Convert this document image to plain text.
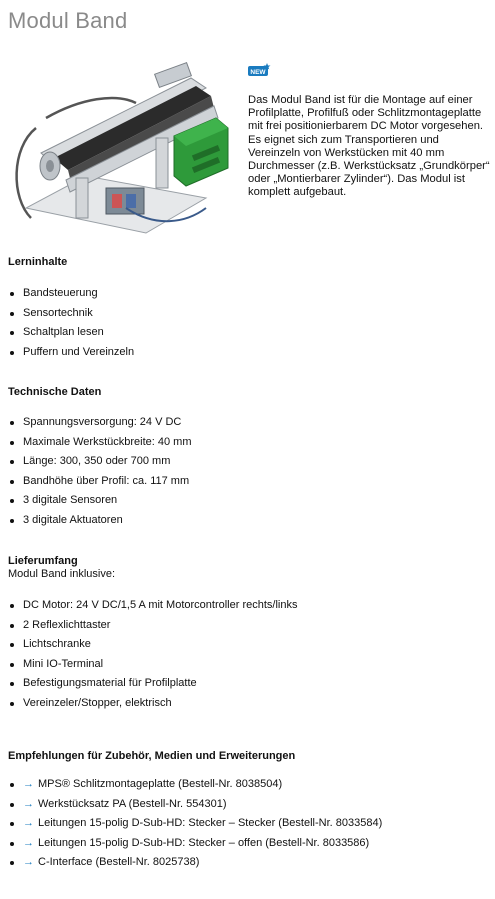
Modul Band
NEW
Das Modul Band ist für die Montage auf einer Profilplatte, Profilfuß oder Schlitzmontageplatte mit frei positionierbarem DC Motor vorgesehen. Es eignet sich zum Transportieren und Vereinzeln von Werkstücken mit 40 mm Durchmesser (z.B. Werkstücksatz „Grundkörper“ oder „Montierbarer Zylinder“). Das Modul ist komplett aufgebaut.
Lerninhalte
Bandsteuerung
Sensortechnik
Schaltplan lesen
Puffern und Vereinzeln
Technische Daten
Spannungsversorgung: 24 V DC
Maximale Werkstückbreite: 40 mm
Länge: 300, 350 oder 700 mm
Bandhöhe über Profil: ca. 117 mm
3 digitale Sensoren
3 digitale Aktuatoren
Lieferumfang
Modul Band inklusive:
DC Motor: 24 V DC/1,5 A mit Motorcontroller rechts/links
2 Reflexlichttaster
Lichtschranke
Mini IO-Terminal
Befestigungsmaterial für Profilplatte
Vereinzeler/Stopper, elektrisch
Empfehlungen für Zubehör, Medien und Erweiterungen
→ MPS® Schlitzmontageplatte (Bestell-Nr. 8038504)
→ Werkstücksatz PA (Bestell-Nr. 554301)
→ Leitungen 15-polig D-Sub-HD: Stecker – Stecker (Bestell-Nr. 8033584)
→ Leitungen 15-polig D-Sub-HD: Stecker – offen (Bestell-Nr. 8033586)
→ C-Interface (Bestell-Nr. 8025738)
